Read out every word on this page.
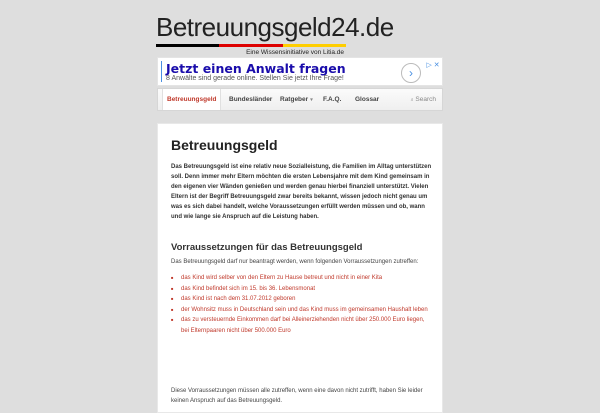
Betreuungsgeld24.de
Eine Wissensinitiative von Litia.de
Jetzt einen Anwalt fragen
8 Anwälte sind gerade online. Stellen Sie jetzt Ihre Frage!	›
▷ ✕
Betreuungsgeld	Bundesländer	Ratgeber ▾	F.A.Q.	Glossar	⌕ Search
Betreuungsgeld

Das Betreuungsgeld ist eine relativ neue Sozialleistung, die Familien im Alltag unterstützen soll. Denn immer mehr Eltern möchten die ersten Lebensjahre mit dem Kind gemeinsam in den eigenen vier Wänden genießen und werden genau hierbei finanziell unterstützt. Vielen Eltern ist der Begriff Betreuungsgeld zwar bereits bekannt, wissen jedoch nicht genau um was es sich dabei handelt, welche Voraussetzungen erfüllt werden müssen und ob, wann und wie lange sie Anspruch auf die Leistung haben.

Vorraussetzungen für das Betreuungsgeld

Das Betreuungsgeld darf nur beantragt werden, wenn folgenden Vorraussetzungen zutreffen:

■ das Kind wird selber von den Eltern zu Hause betreut und nicht in einer Kita
■ das Kind befindet sich im 15. bis 36. Lebensmonat
■ das Kind ist nach dem 31.07.2012 geboren
■ der Wohnsitz muss in Deutschland sein und das Kind muss im gemeinsamen Haushalt leben
■ das zu versteuernde Einkommen darf bei Alleinerziehenden nicht über 250.000 Euro liegen, bei Elternpaaren nicht über 500.000 Euro

Diese Vorraussetzungen müssen alle zutreffen, wenn eine davon nicht zutrifft, haben Sie leider keinen Anspruch auf das Betreuungsgeld.
